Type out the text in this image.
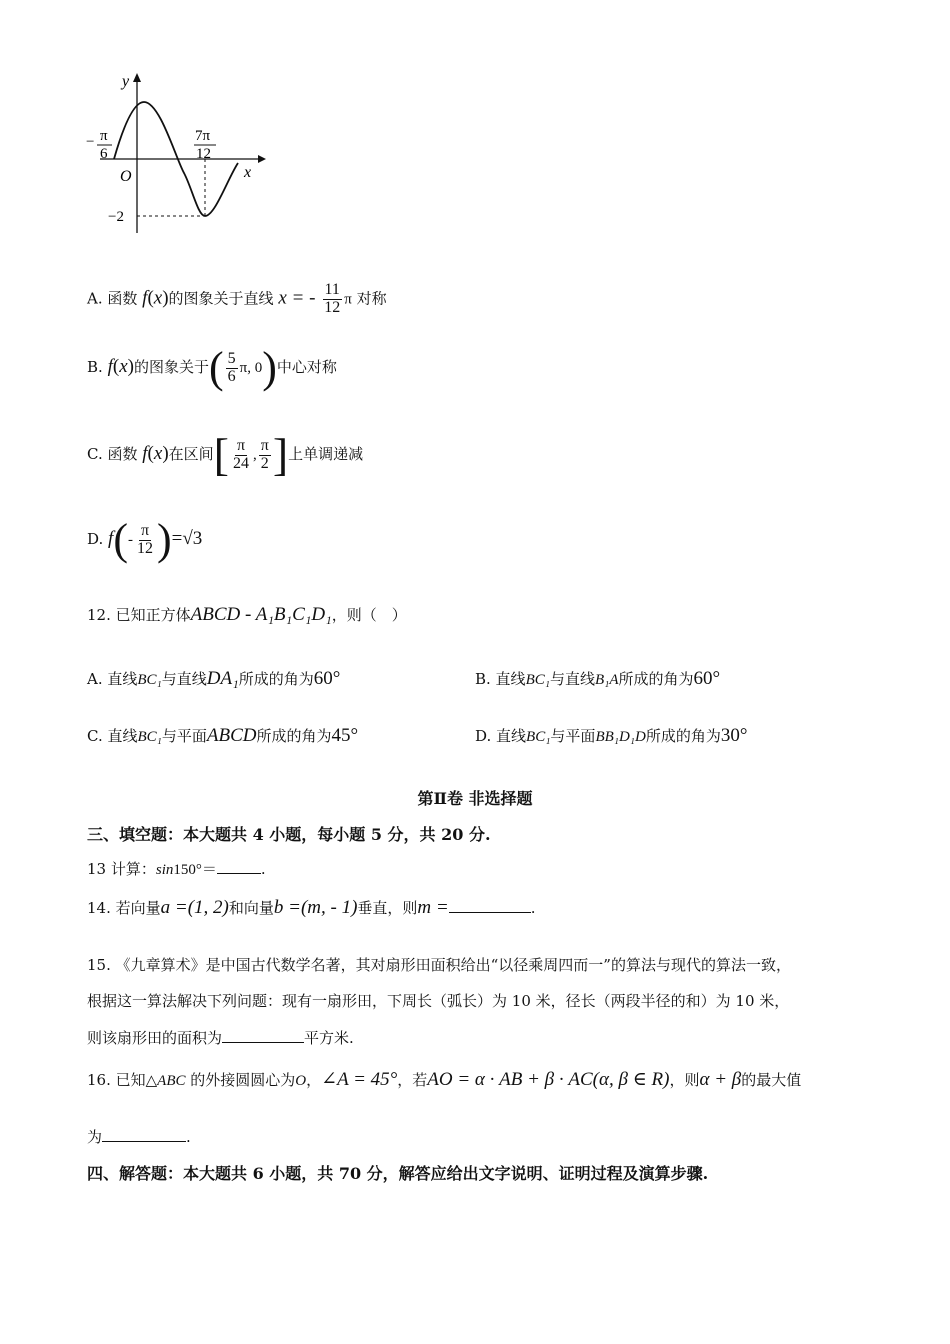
y
x
O
− π
6
7π
12
−2
A. 函数 f(x)的图象关于直线 x = - $\frac{11}{12}$ π 对称
B. f(x)的图象关于( $\frac{5}{6} \pi$, 0)中心对称
C. 函数 f(x)在区间[ $\frac{\pi}{24}$ , $\frac{\pi}{2}$ ]上单调递减
D. $f(- \frac{\pi}{12} )=√3$
12. 已知正方体ABCD - A₁B₁C₁D₁，则（　）
A. 直线BC₁与直线DA₁所成的角为60°	B. 直线BC₁与直线B₁A所成的角为60°
C. 直线BC₁与平面ABCD所成的角为45°	D. 直线BC₁与平面BB₁D₁D所成的角为30°
第Ⅱ卷 非选择题
三、填空题：本大题共 4 小题，每小题 5 分，共 20 分.
13 计算：sin150°＝	.
14. 若向量a =(1, 2)和向量b =(m, - 1)垂直，则m =	.
15. 《九章算术》是中国古代数学名著，其对扇形田面积给出“以径乘周四而一”的算法与现代的算法一致，
根据这一算法解决下列问题：现有一扇形田，下周长（弧长）为 10 米，径长（两段半径的和）为 10 米，
则该扇形田的面积为	平方米.
16. 已知△ABC 的外接圆圆心为O，∠A = 45°，若AO = α · AB + β · AC(α, β ∈ R)，则α + β的最大值
为	.
四、解答题：本大题共 6 小题，共 70 分，解答应给出文字说明、证明过程及演算步骤.
